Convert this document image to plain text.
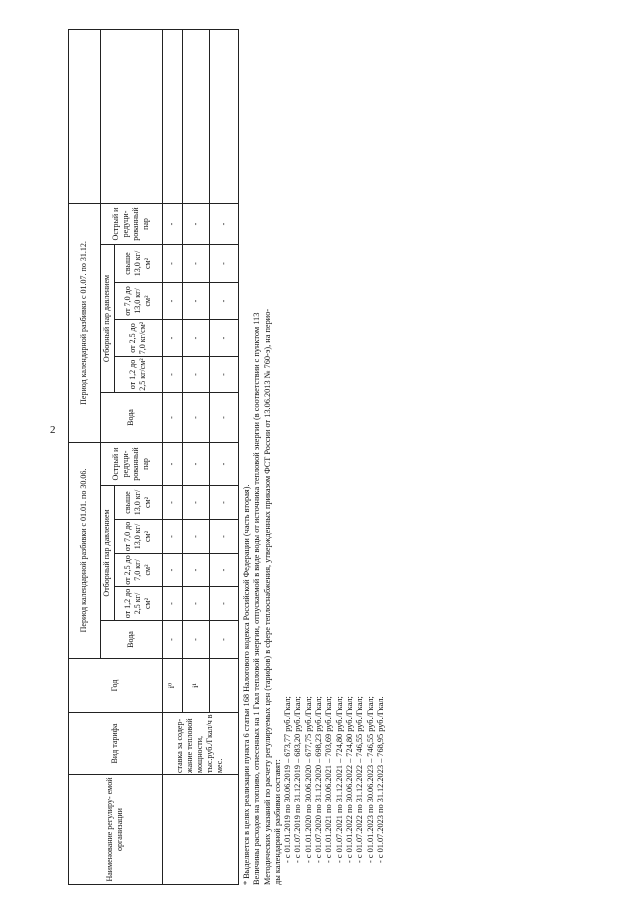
2
Наименование регулиру- емой организации	Вид тарифа	Год	Период календарной разбивки с 01.01. по 30.06.						Период календарной разбивки с 01.07. по 31.12.						
			Вода	Отборный пар давлением				Острый и редуци- рованный пар	Вода	Отборный пар давлением				Острый и редуци- рованный пар	
				от 1,2 до 2,5 кг/см²	от 2,5 до 7,0 кг/см²	от 7,0 до 13,0 кг/см²	свыше 13,0 кг/см²			от 1,2 до 2,5 кг/см²	от 2,5 до 7,0 кг/см²	от 7,0 до 13,0 кг/см²	свыше 13,0 кг/см²		
	ставка за содер- жание тепловой мощности, тыс.руб./Гкал/ч в мес.	i⁰	-	-	-	-	-	-	-	-	-	-	-	-	
		i¹	-	-	-	-	-	-	-	-	-	-	-	-	
			-	-	-	-	-	-	-	-	-	-	-	-	

* Выделяется в целях реализации пункта 6 статьи 168 Налогового кодекса Российской Федерации (часть вторая). Величины расходов на топливо, отнесенных на 1 Гкал тепловой энергии, отпускаемой в виде воды от источника тепловой энергии (в соответствии с пунктом 113 Методических указаний по расчету регулируемых цен (тарифов) в сфере теплоснабжения, утвержденных приказом ФСТ России от 13.06.2013 № 760-э), на перио- ды календарной разбивки составят: - с 01.01.2019 по 30.06.2019 – 673,77 руб./Гкал; - с 01.07.2019 по 31.12.2019 – 683,20 руб./Гкал; - с 01.01.2020 по 30.06.2020 – 677,75 руб./Гкал; - с 01.07.2020 по 31.12.2020 – 698,23 руб./Гкал; - с 01.01.2021 по 30.06.2021 – 703,69 руб./Гкал; - с 01.07.2021 по 31.12.2021 – 724,80 руб./Гкал; - с 01.01.2022 по 30.06.2022 – 724,80 руб./Гкал; - с 01.07.2022 по 31.12.2022 – 746,55 руб./Гкал; - с 01.01.2023 по 30.06.2023 – 746,55 руб./Гкал; - с 01.07.2023 по 31.12.2023 – 768,95 руб./Гкал.
